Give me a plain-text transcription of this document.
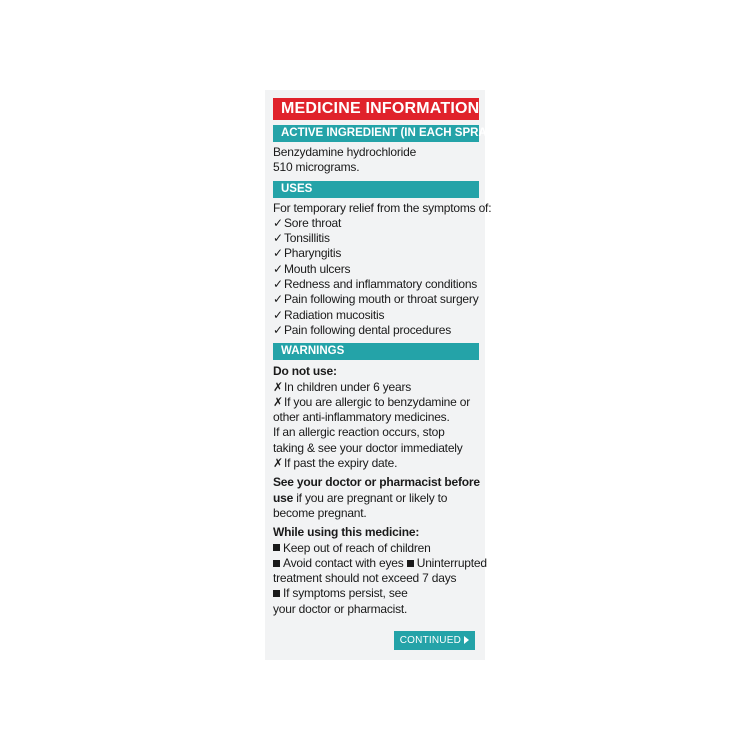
MEDICINE INFORMATION
ACTIVE INGREDIENT (IN EACH SPRAY)
Benzydamine hydrochloride
510 micrograms.
USES
For temporary relief from the symptoms of:
✓Sore throat
✓Tonsillitis
✓Pharyngitis
✓Mouth ulcers
✓Redness and inflammatory conditions
✓Pain following mouth or throat surgery
✓Radiation mucositis
✓Pain following dental procedures
WARNINGS
Do not use:
✗In children under 6 years
✗If you are allergic to benzydamine or
other anti-inflammatory medicines.
If an allergic reaction occurs, stop
taking & see your doctor immediately
✗If past the expiry date.
See your doctor or pharmacist before
use if you are pregnant or likely to
become pregnant.
While using this medicine:
Keep out of reach of children
Avoid contact with eyes Uninterrupted
treatment should not exceed 7 days
If symptoms persist, see
your doctor or pharmacist.
CONTINUED
